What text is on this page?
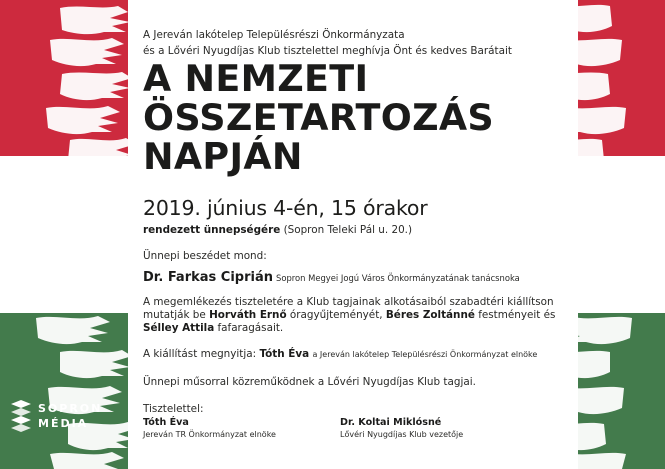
A Jereván lakótelep Településrészi Önkormányzata
és a Lővéri Nyugdíjas Klub tisztelettel meghívja Önt és kedves Barátait
A NEMZETI
ÖSSZETARTOZÁS
NAPJÁN
2019. június 4-én, 15 órakor
rendezett ünnepségére (Sopron Teleki Pál u. 20.)
Ünnepi beszédet mond:
Dr. Farkas Ciprián Sopron Megyei Jogú Város Önkormányzatának tanácsnoka
A megemlékezés tiszteletére a Klub tagjainak alkotásaiból szabadtéri kiállítson
mutatják be Horváth Ernő óragyűjteményét, Béres Zoltánné festményeit és
Sélley Attila fafaragásait.
A kiállítást megnyitja: Tóth Éva a Jereván lakótelep Településrészi Önkormányzat elnöke
Ünnepi műsorral közreműködnek a Lővéri Nyugdíjas Klub tagjai.
Tisztelettel:
Tóth Éva
Jereván TR Önkormányzat elnöke
Dr. Koltai Miklósné
Lővéri Nyugdíjas Klub vezetője
SOPRON
MÉDIA
